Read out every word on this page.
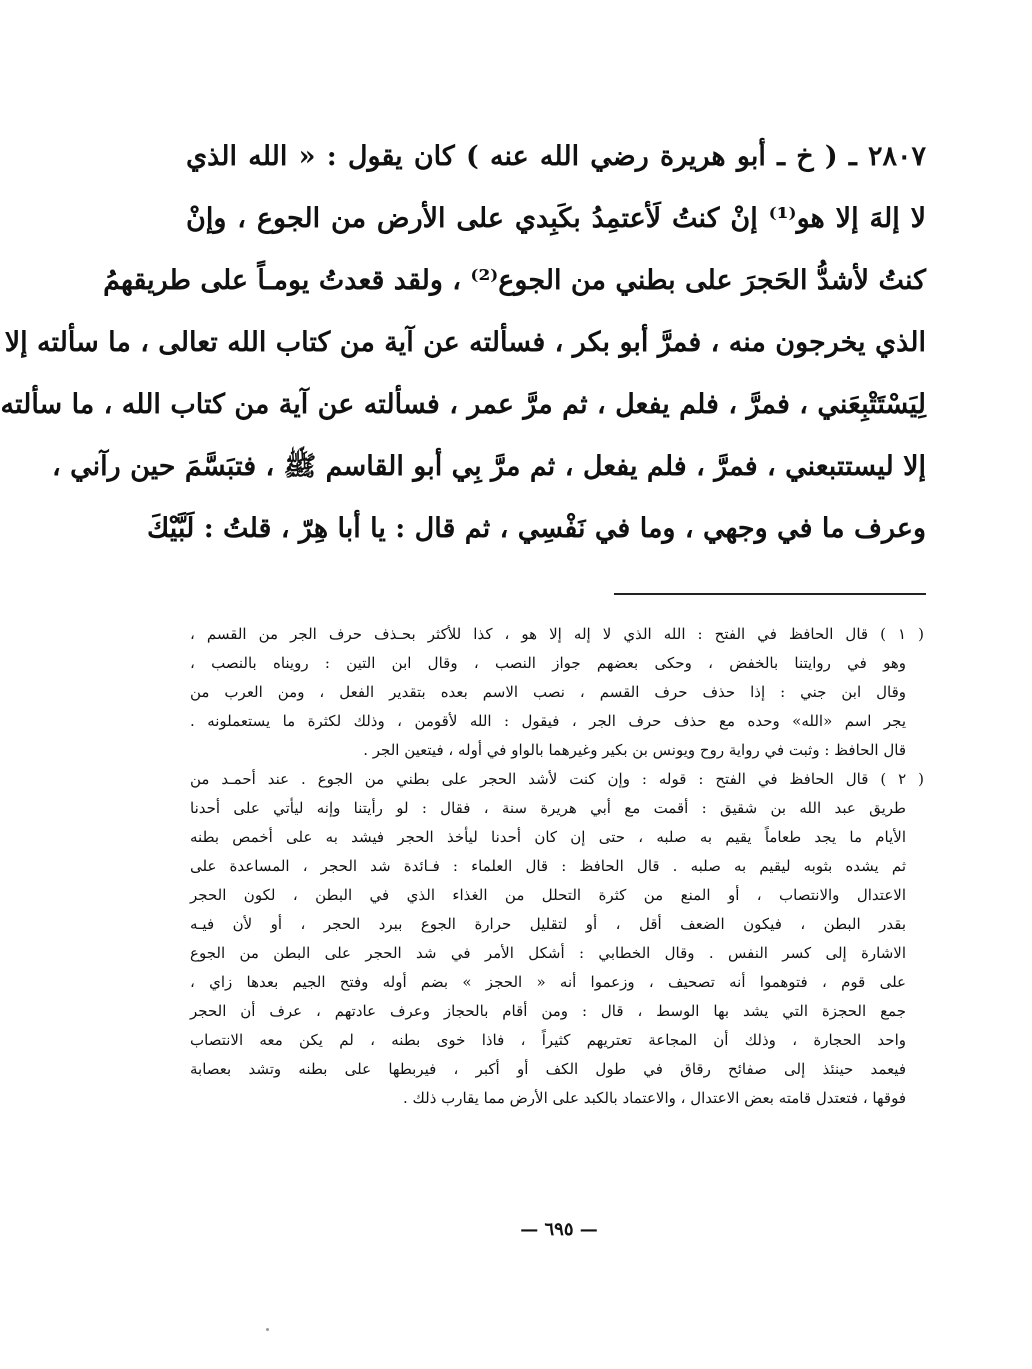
٢٨٠٧ ـ ( خ ـ أبو هريرة رضي الله عنه ) كان يقول : « الله الذي
لا إلهَ إلا هو⁽¹⁾ إنْ كنتُ لَأعتمِدُ بكَبِدي على الأرض من الجوع ، وإنْ
كنتُ لأشدُّ الحَجرَ على بطني من الجوع⁽²⁾ ، ولقد قعدتُ يومـاً على طريقهمُ
الذي يخرجون منه ، فمرَّ أبو بكر ، فسألته عن آية من كتاب الله تعالى ، ما سألته إلا
لِيَسْتَتْبِعَني ، فمرَّ ، فلم يفعل ، ثم مرَّ عمر ، فسألته عن آية من كتاب الله ، ما سألته
إلا ليستتبعني ، فمرَّ ، فلم يفعل ، ثم مرَّ بِي أبو القاسم ﷺ ، فتبَسَّمَ حين رآني ،
وعرف ما في وجهي ، وما في نَفْسِي ، ثم قال : يا أبا هِرّ ، قلتُ : لَبَّيْكَ
( ١ ) قال الحافظ في الفتح : الله الذي لا إله إلا هو ، كذا للأكثر بحـذف حرف الجر من القسم ،
وهو في روايتنا بالخفض ، وحكى بعضهم جواز النصب ، وقال ابن التين : رويناه بالنصب ،
وقال ابن جني : إذا حذف حرف القسم ، نصب الاسم بعده بتقدير الفعل ، ومن العرب من
يجر اسم «الله» وحده مع حذف حرف الجر ، فيقول : الله لأقومن ، وذلك لكثرة ما يستعملونه .
قال الحافظ : وثبت في رواية روح ويونس بن بكير وغيرهما بالواو في أوله ، فيتعين الجر .
( ٢ ) قال الحافظ في الفتح : قوله : وإن كنت لأشد الحجر على بطني من الجوع . عند أحمـد من
طريق عبد الله بن شقيق : أقمت مع أبي هريرة سنة ، فقال : لو رأيتنا وإنه ليأتي على أحدنا
الأيام ما يجد طعاماً يقيم به صلبه ، حتى إن كان أحدنا ليأخذ الحجر فيشد به على أخمص بطنه
ثم يشده بثوبه ليقيم به صلبه . قال الحافظ : قال العلماء : فـائدة شد الحجر ، المساعدة على
الاعتدال والانتصاب ، أو المنع من كثرة التحلل من الغذاء الذي في البطن ، لكون الحجر
بقدر البطن ، فيكون الضعف أقل ، أو لتقليل حرارة الجوع ببرد الحجر ، أو لأن فيـه
الاشارة إلى كسر النفس . وقال الخطابي : أشكل الأمر في شد الحجر على البطن من الجوع
على قوم ، فتوهموا أنه تصحيف ، وزعموا أنه « الحجز » بضم أوله وفتح الجيم بعدها زاي ،
جمع الحجزة التي يشد بها الوسط ، قال : ومن أقام بالحجاز وعرف عادتهم ، عرف أن الحجر
واحد الحجارة ، وذلك أن المجاعة تعتريهم كثيراً ، فاذا خوى بطنه ، لم يكن معه الانتصاب
فيعمد حينئذ إلى صفائح رقاق في طول الكف أو أكبر ، فيربطها على بطنه وتشد بعصابة
فوقها ، فتعتدل قامته بعض الاعتدال ، والاعتماد بالكبد على الأرض مما يقارب ذلك .
— ٦٩٥ —
